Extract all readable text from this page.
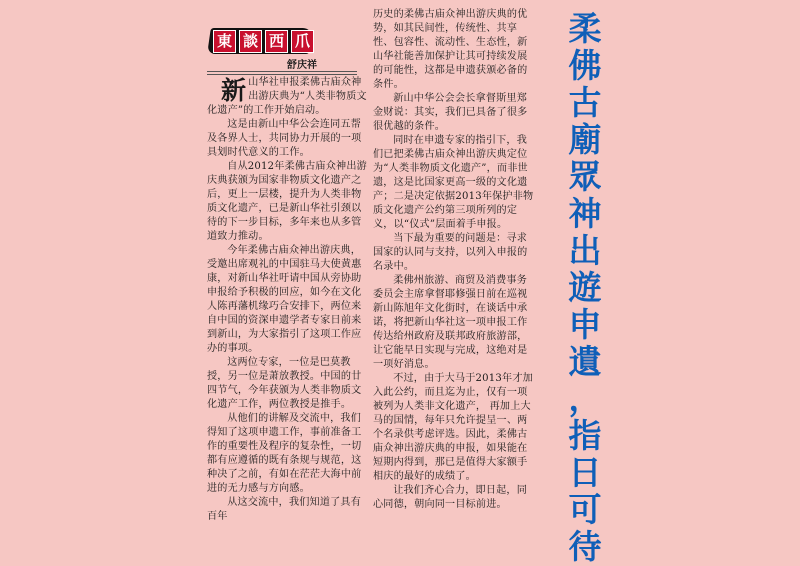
東 談 西 爪
舒庆祥

新山华社申报柔佛古庙众神出游庆典为“人类非物质文化遗产”的工作开始启动。

这是由新山中华公会连同五帮及各界人士，共同协力开展的一项具划时代意义的工作。

自从2012年柔佛古庙众神出游庆典获颁为国家非物质文化遗产之后，更上一层楼，提升为人类非物质文化遗产，已是新山华社引颈以待的下一步目标，多年来也从多管道致力推动。

今年柔佛古庙众神出游庆典，受邀出席观礼的中国驻马大使黄惠康，对新山华社吁请中国从旁协助申报给予积极的回应，如今在文化人陈再藩机缘巧合安排下，两位来自中国的资深申遗学者专家日前来到新山，为大家指引了这项工作应办的事项。

这两位专家，一位是巴莫教授，另一位是萧放教授。中国的廿四节气，今年获颁为人类非物质文化遗产工作，两位教授是推手。

从他们的讲解及交流中，我们得知了这项申遗工作，事前准备工作的重要性及程序的复杂性，一切都有应遵循的既有条规与规范，这种决了之前，有如在茫茫大海中前进的无力感与方向感。

从这交流中，我们知道了具有百年

历史的柔佛古庙众神出游庆典的优势，如其民间性，传统性、共享性、包容性、流动性、生态性，新山华社能善加保护让其可持续发展的可能性，这都是申遗获颁必备的条件。

新山中华公会会长拿督斯里郑金财说：其实，我们已具备了很多很优越的条件。

同时在申遗专家的指引下，我们已把柔佛古庙众神出游庆典定位为“人类非物质文化遗产”，而非世遗，这是比国家更高一级的文化遗产；二是决定依据2013年保护非物质文化遗产公约第三项所列的定义，以“仪式”层面着手申报。

当下最为重要的问题是：寻求国家的认同与支持，以列入申报的名录中。

柔佛州旅游、商贸及消费事务委员会主席拿督耶修强日前在巡视新山陈旭年文化街时，在谈话中承诺，将把新山华社这一项申报工作传达给州政府及联邦政府旅游部，让它能早日实现与完成，这绝对是一项好消息。

不过，由于大马于2013年才加入此公约，而且迄为止，仅有一项被列为人类非文化遗产， 再加上大马的国情，每年只允许提呈一、两个名录供考虑评选。因此，柔佛古庙众神出游庆典的申报，如果能在短期内得到，那已是值得大家额手相庆的最好的成绩了。

让我们齐心合力，即日起，同心同德，朝向同一目标前进。

柔
佛
古
廟
眾
神
出
遊
申
遺
，
指
日
可
待
